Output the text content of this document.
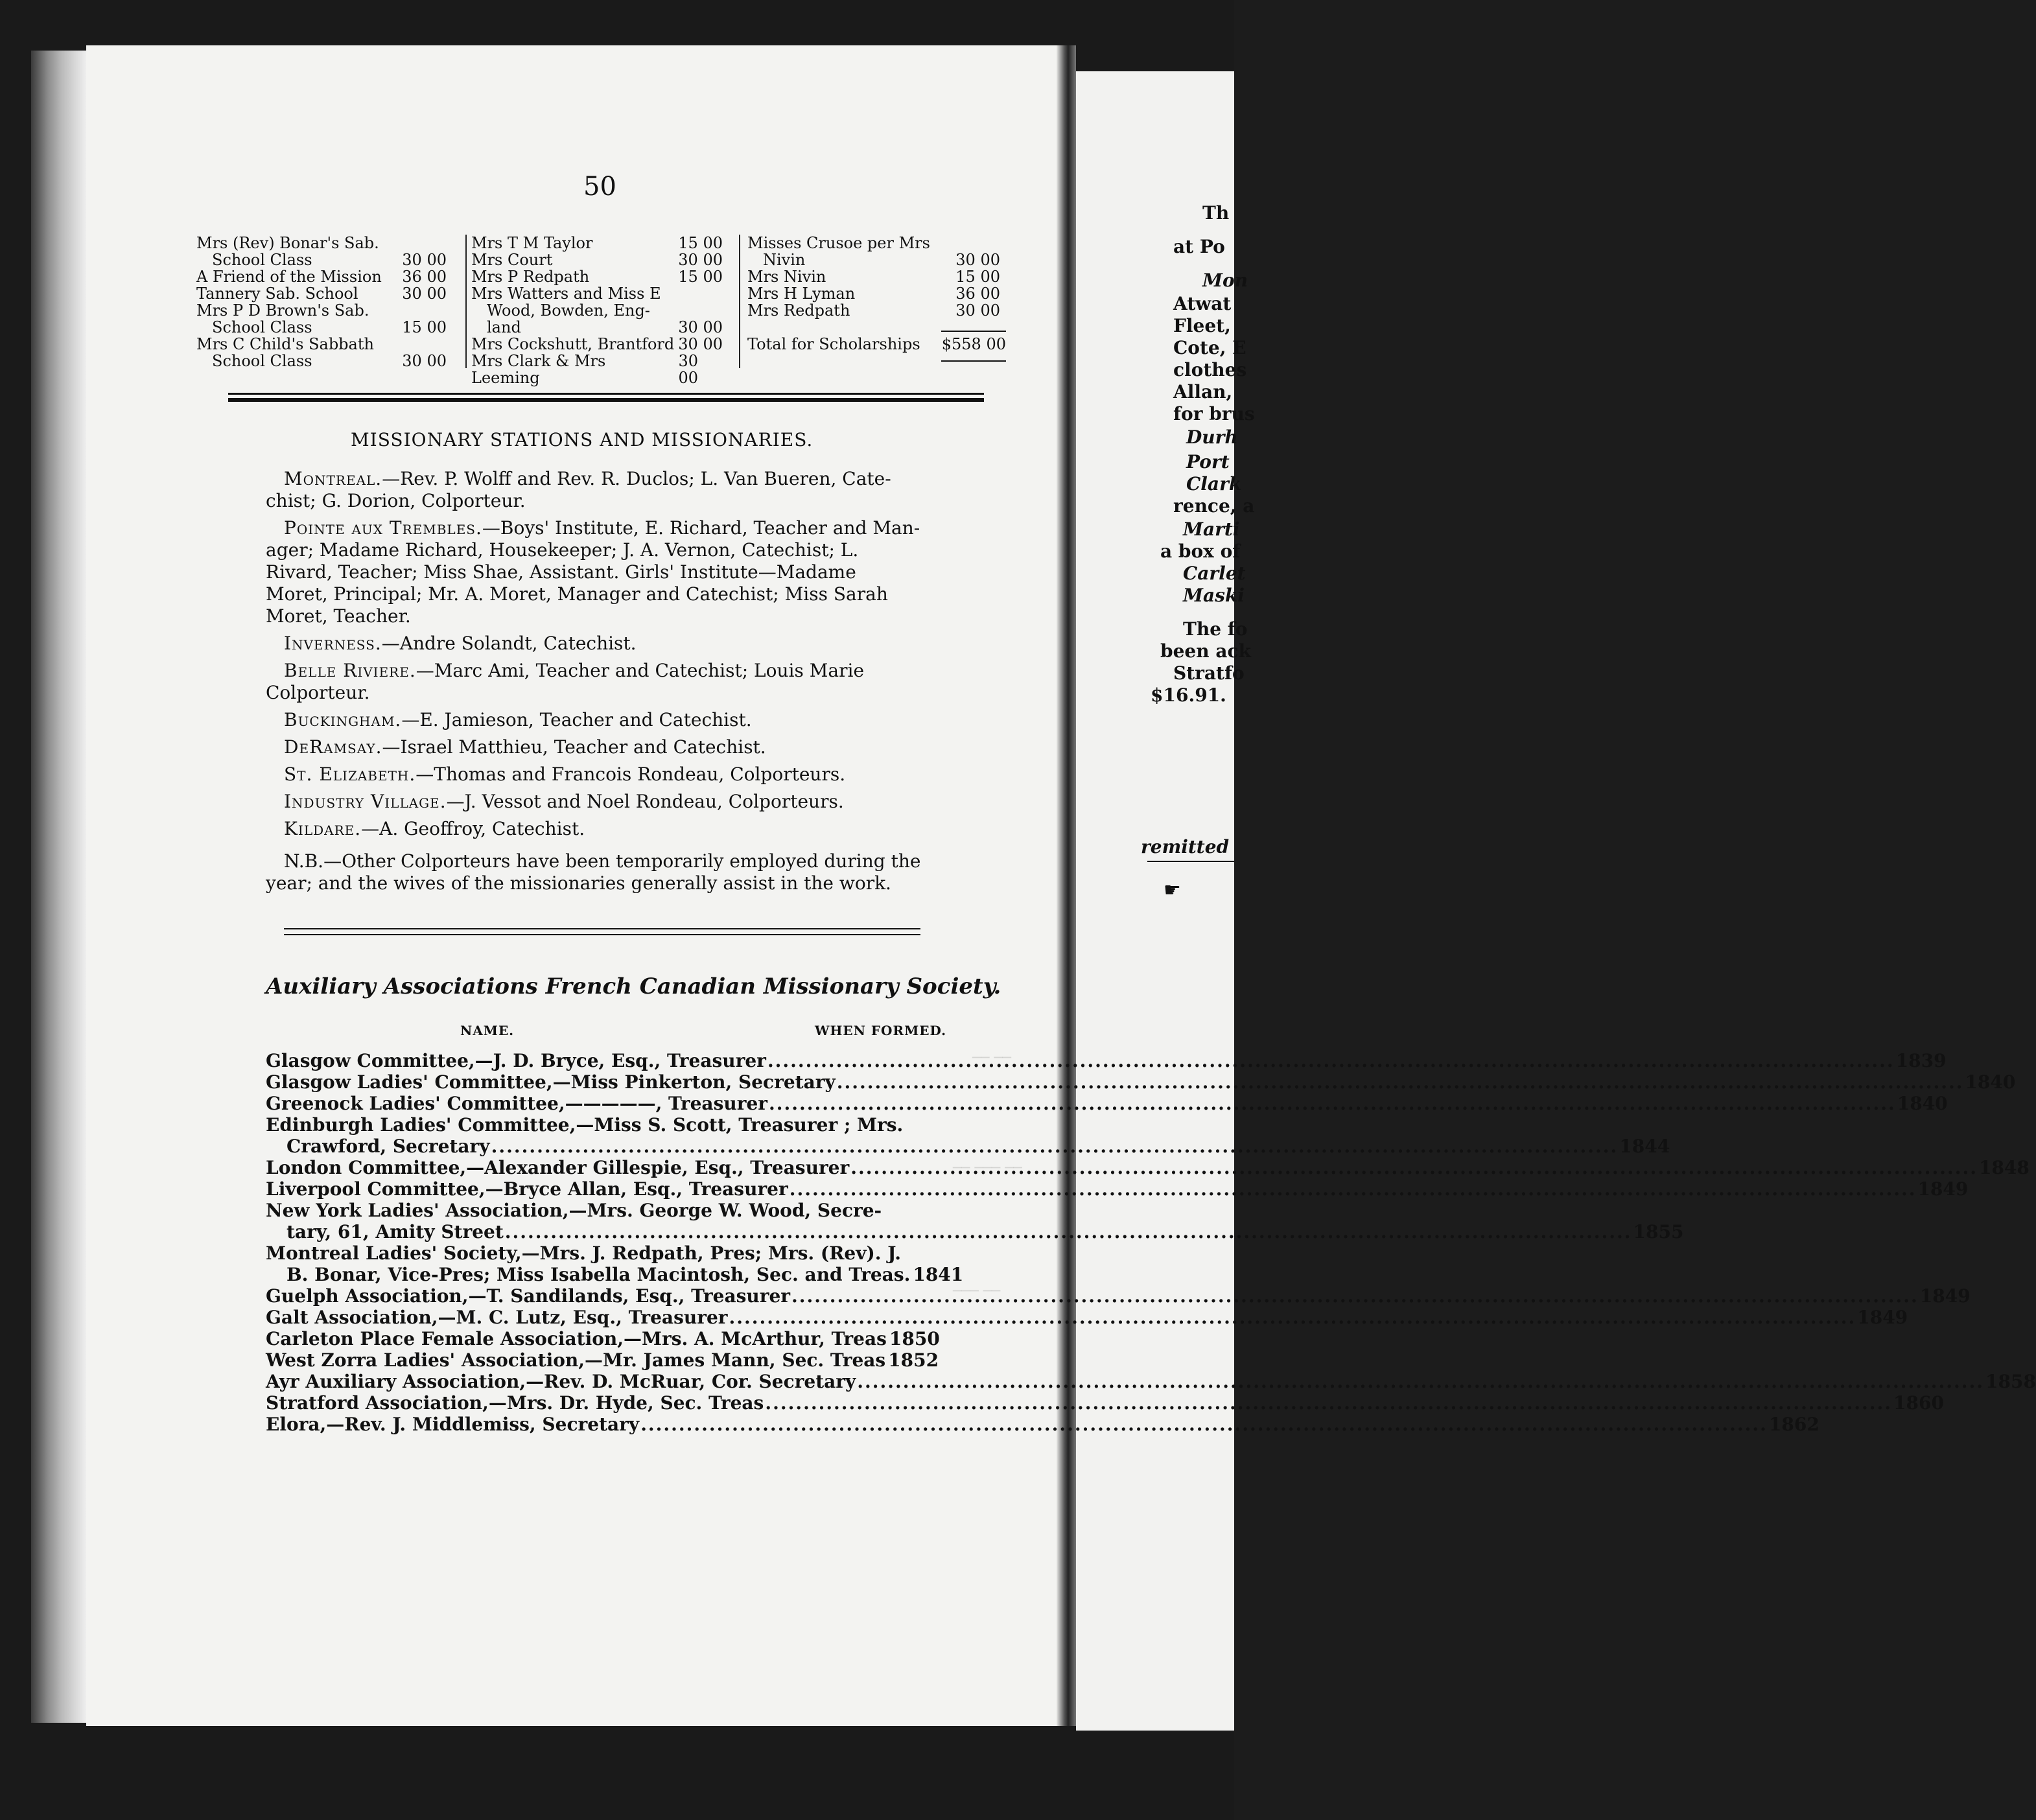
Th
at Po
Mon
Atwat
Fleet,
Cote, E
clothes
Allan,
for brus
Durh
Port
Clark
rence, a
Marti
a box of
Carlet
Maski
The fo
been ack
Stratfo
$16.91.
remitted
☛
50
Mrs (Rev) Bonar's Sab.
School Class	30 00
A Friend of the Mission 36 00
Tannery Sab. School	30 00
Mrs P D Brown's Sab.
School Class	15 00
Mrs C Child's Sabbath
School Class	30 00
Mrs T M Taylor	15 00
Mrs Court	30 00
Mrs P Redpath	15 00
Mrs Watters and Miss E
Wood, Bowden, Eng-
land	30 00
Mrs Cockshutt, Brantford 30 00
Mrs Clark & Mrs Leeming
30 00
Misses Crusoe per Mrs
Nivin	30 00
Mrs Nivin	15 00
Mrs H Lyman	36 00
Mrs Redpath	30 00
Total for Scholarships $558 00
MISSIONARY STATIONS AND MISSIONARIES.
Montreal.—Rev. P. Wolff and Rev. R. Duclos; L. Van Bueren, Cate-
chist; G. Dorion, Colporteur.
Pointe aux Trembles.—Boys' Institute, E. Richard, Teacher and Man-
ager; Madame Richard, Housekeeper; J. A. Vernon, Catechist; L.
Rivard, Teacher; Miss Shae, Assistant. Girls' Institute—Madame
Moret, Principal; Mr. A. Moret, Manager and Catechist; Miss Sarah
Moret, Teacher.
Inverness.—Andre Solandt, Catechist.
Belle Riviere.—Marc Ami, Teacher and Catechist; Louis Marie
Colporteur.
Buckingham.—E. Jamieson, Teacher and Catechist.
DeRamsay.—Israel Matthieu, Teacher and Catechist.
St. Elizabeth.—Thomas and Francois Rondeau, Colporteurs.
Industry Village.—J. Vessot and Noel Rondeau, Colporteurs.
Kildare.—A. Geoffroy, Catechist.
N.B.—Other Colporteurs have been temporarily employed during the
year; and the wives of the missionaries generally assist in the work.
Auxiliary Associations French Canadian Missionary Society.
NAME.	WHEN FORMED.
Glasgow Committee,—J. D. Bryce, Esq., Treasurer .....	1839
Glasgow Ladies' Committee,—Miss Pinkerton, Secretary .....	1840
Greenock Ladies' Committee,—————, Treasurer .....	1840
Edinburgh Ladies' Committee,—Miss S. Scott, Treasurer ; Mrs.
Crawford, Secretary .....	1844
London Committee,—Alexander Gillespie, Esq., Treasurer .....	1848
Liverpool Committee,—Bryce Allan, Esq., Treasurer .....	1849
New York Ladies' Association,—Mrs. George W. Wood, Secre-
tary, 61, Amity Street .....	1855
Montreal Ladies' Society,—Mrs. J. Redpath, Pres; Mrs. (Rev). J.
B. Bonar, Vice-Pres; Miss Isabella Macintosh, Sec. and Treas. 1841
Guelph Association,—T. Sandilands, Esq., Treasurer .....	1849
Galt Association,—M. C. Lutz, Esq., Treasurer .....	1849
Carleton Place Female Association,—Mrs. A. McArthur, Treas 1850
West Zorra Ladies' Association,—Mr. James Mann, Sec. Treas 1852
Ayr Auxiliary Association,—Rev. D. McRuar, Cor. Secretary .....	1858
Stratford Association,—Mrs. Dr. Hyde, Sec. Treas .....	1860
Elora,—Rev. J. Middlemiss, Secretary .....	1862
── ──
── ─── ──
─── ──
